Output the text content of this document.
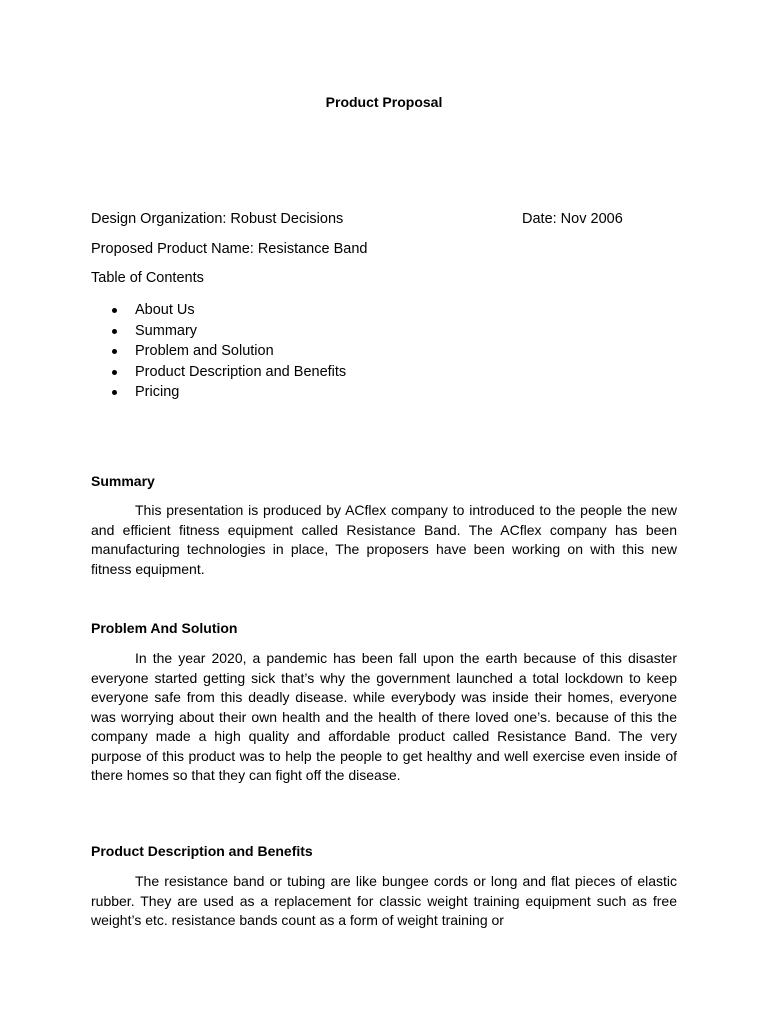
Product Proposal

Design Organization: Robust Decisions	Date: Nov 2006

Proposed Product Name: Resistance Band

Table of Contents

About Us
Summary
Problem and Solution
Product Description and Benefits
Pricing

Summary

This presentation is produced by ACflex company to introduced to the people the new and efficient fitness equipment called Resistance Band. The ACflex company has been manufacturing technologies in place, The proposers have been working on with this new fitness equipment.

Problem And Solution

In the year 2020, a pandemic has been fall upon the earth because of this disaster everyone started getting sick that’s why the government launched a total lockdown to keep everyone safe from this deadly disease. while everybody was inside their homes, everyone was worrying about their own health and the health of there loved one’s. because of this the company made a high quality and affordable product called Resistance Band. The very purpose of this product was to help the people to get healthy and well exercise even inside of there homes so that they can fight off the disease.

Product Description and Benefits

The resistance band or tubing are like bungee cords or long and flat pieces of elastic rubber. They are used as a replacement for classic weight training equipment such as free weight’s etc. resistance bands count as a form of weight training or
